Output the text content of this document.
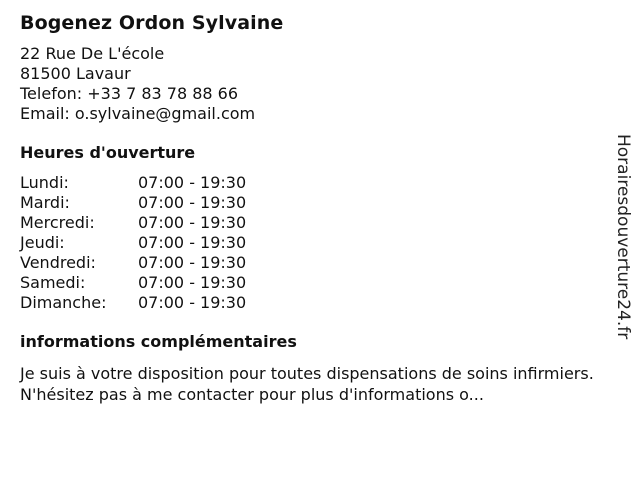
Bogenez Ordon Sylvaine

22 Rue De L'école

81500 Lavaur

Telefon: +33 7 83 78 88 66

Email: o.sylvaine@gmail.com

Heures d'ouverture
Lundi:	07:00 - 19:30
Mardi:	07:00 - 19:30
Mercredi:	07:00 - 19:30
Jeudi:	07:00 - 19:30
Vendredi:	07:00 - 19:30
Samedi:	07:00 - 19:30
Dimanche:	07:00 - 19:30
informations complémentaires

Je suis à votre disposition pour toutes dispensations de soins infirmiers. N'hésitez pas à me contacter pour plus d'informations o...

Horairesdouverture24.fr
